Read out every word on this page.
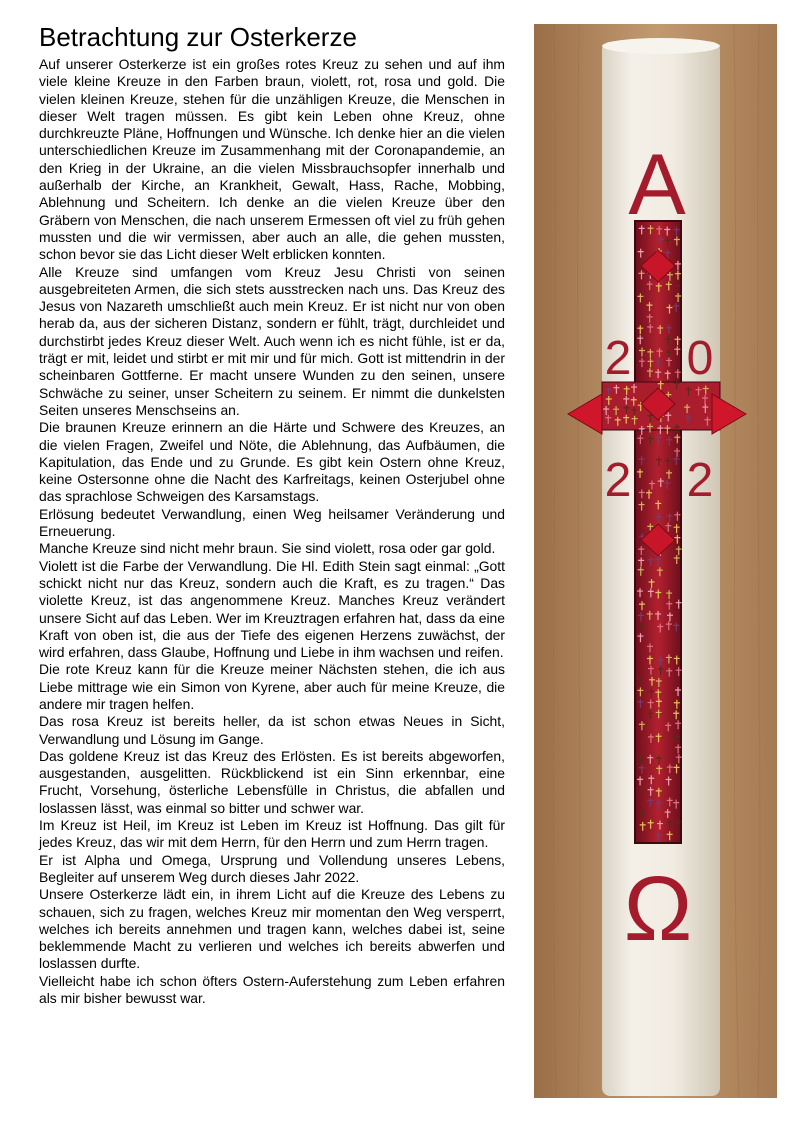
Betrachtung zur Osterkerze

Auf unserer Osterkerze ist ein großes rotes Kreuz zu sehen und auf ihm viele kleine Kreuze in den Farben braun, violett, rot, rosa und gold. Die vielen kleinen Kreuze, stehen für die unzähligen Kreuze, die Menschen in dieser Welt tragen müssen. Es gibt kein Leben ohne Kreuz, ohne durchkreuzte Pläne, Hoffnungen und Wünsche. Ich denke hier an die vielen unterschiedlichen Kreuze im Zusammenhang mit der Coronapandemie, an den Krieg in der Ukraine, an die vielen Missbrauchsopfer innerhalb und außerhalb der Kirche, an Krankheit, Gewalt, Hass, Rache, Mobbing, Ablehnung und Scheitern. Ich denke an die vielen Kreuze über den Gräbern von Menschen, die nach unserem Ermessen oft viel zu früh gehen mussten und die wir vermissen, aber auch an alle, die gehen mussten, schon bevor sie das Licht dieser Welt erblicken konnten.

Alle Kreuze sind umfangen vom Kreuz Jesu Christi von seinen ausgebreiteten Armen, die sich stets ausstrecken nach uns. Das Kreuz des Jesus von Nazareth umschließt auch mein Kreuz. Er ist nicht nur von oben herab da, aus der sicheren Distanz, sondern er fühlt, trägt, durchleidet und durchstirbt jedes Kreuz dieser Welt. Auch wenn ich es nicht fühle, ist er da, trägt er mit, leidet und stirbt er mit mir und für mich. Gott ist mittendrin in der scheinbaren Gottferne. Er macht unsere Wunden zu den seinen, unsere Schwäche zu seiner, unser Scheitern zu seinem. Er nimmt die dunkelsten Seiten unseres Menschseins an.

Die braunen Kreuze erinnern an die Härte und Schwere des Kreuzes, an die vielen Fragen, Zweifel und Nöte, die Ablehnung, das Aufbäumen, die Kapitulation, das Ende und zu Grunde. Es gibt kein Ostern ohne Kreuz, keine Ostersonne ohne die Nacht des Karfreitags, keinen Osterjubel ohne das sprachlose Schweigen des Karsamstags.

Erlösung bedeutet Verwandlung, einen Weg heilsamer Veränderung und Erneuerung.

Manche Kreuze sind nicht mehr braun. Sie sind violett, rosa oder gar gold.

Violett ist die Farbe der Verwandlung. Die Hl. Edith Stein sagt einmal: „Gott schickt nicht nur das Kreuz, sondern auch die Kraft, es zu tragen.“ Das violette Kreuz, ist das angenommene Kreuz. Manches Kreuz verändert unsere Sicht auf das Leben. Wer im Kreuztragen erfahren hat, dass da eine Kraft von oben ist, die aus der Tiefe des eigenen Herzens zuwächst, der wird erfahren, dass Glaube, Hoffnung und Liebe in ihm wachsen und reifen.

Die rote Kreuz kann für die Kreuze meiner Nächsten stehen, die ich aus Liebe mittrage wie ein Simon von Kyrene, aber auch für meine Kreuze, die andere mir tragen helfen.

Das rosa Kreuz ist bereits heller, da ist schon etwas Neues in Sicht, Verwandlung und Lösung im Gange.

Das goldene Kreuz ist das Kreuz des Erlösten. Es ist bereits abgeworfen, ausgestanden, ausgelitten. Rückblickend ist ein Sinn erkennbar, eine Frucht, Vorsehung, österliche Lebensfülle in Christus, die abfallen und loslassen lässt, was einmal so bitter und schwer war.

Im Kreuz ist Heil, im Kreuz ist Leben im Kreuz ist Hoffnung. Das gilt für jedes Kreuz, das wir mit dem Herrn, für den Herrn und zum Herrn tragen.

Er ist Alpha und Omega, Ursprung und Vollendung unseres Lebens, Begleiter auf unserem Weg durch dieses Jahr 2022.

Unsere Osterkerze lädt ein, in ihrem Licht auf die Kreuze des Lebens zu schauen, sich zu fragen, welches Kreuz mir momentan den Weg versperrt, welches ich bereits annehmen und tragen kann, welches dabei ist, seine beklemmende Macht zu verlieren und welches ich bereits abwerfen und loslassen durfte.

Vielleicht habe ich schon öfters Ostern-Auferstehung zum Leben erfahren als mir bisher bewusst war.

A
2 0
2 2
Ω
